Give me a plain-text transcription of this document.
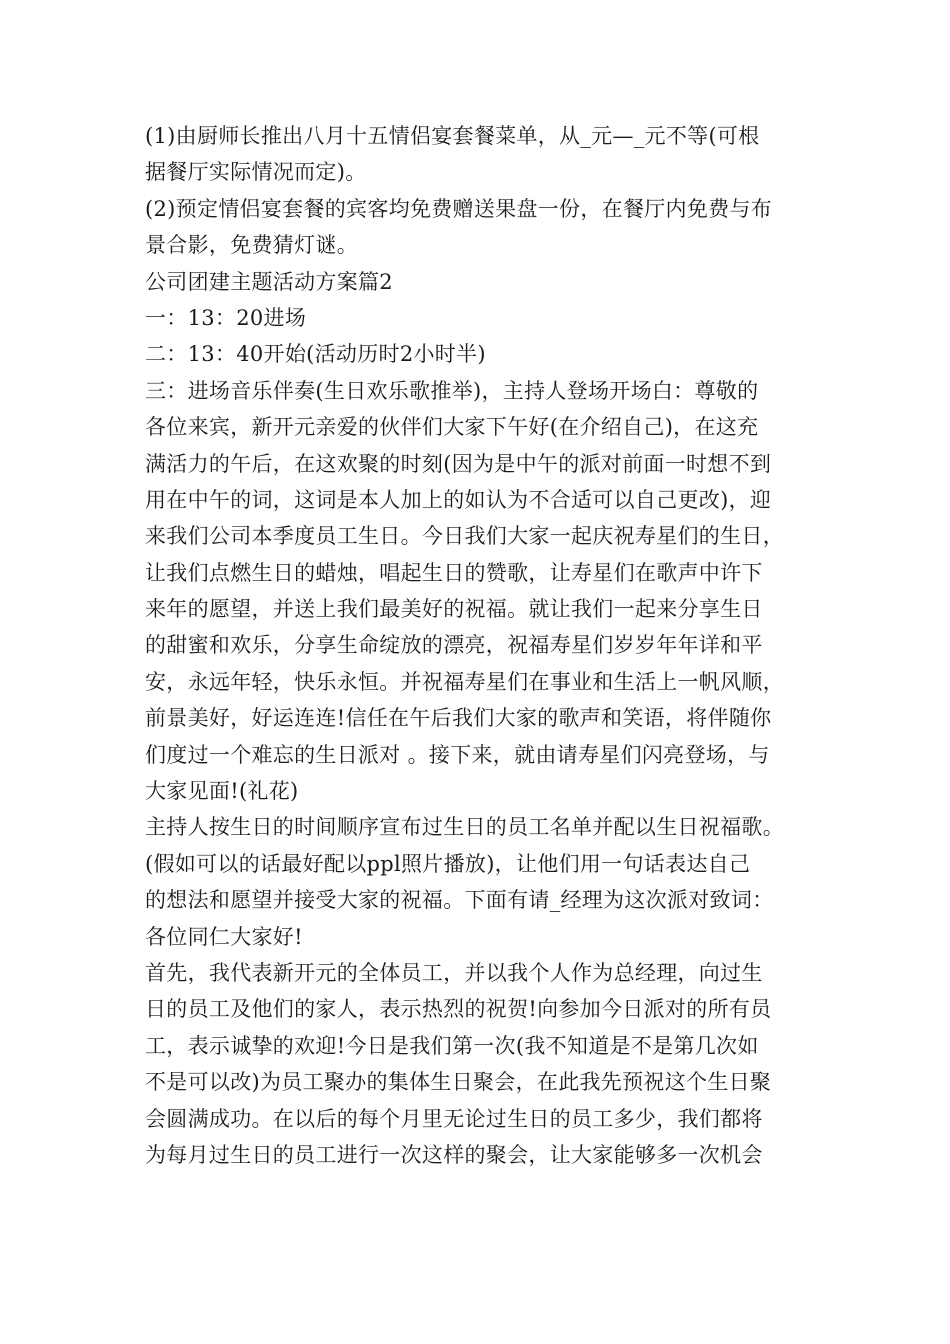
(1)由厨师长推出八月十五情侣宴套餐菜单，从_元—_元不等(可根
据餐厅实际情况而定)。
(2)预定情侣宴套餐的宾客均免费赠送果盘一份，在餐厅内免费与布
景合影，免费猜灯谜。
公司团建主题活动方案篇2
一：13：20进场
二：13：40开始(活动历时2小时半)
三：进场音乐伴奏(生日欢乐歌推举)，主持人登场开场白：尊敬的
各位来宾，新开元亲爱的伙伴们大家下午好(在介绍自己)，在这充
满活力的午后，在这欢聚的时刻(因为是中午的派对前面一时想不到
用在中午的词，这词是本人加上的如认为不合适可以自己更改)，迎
来我们公司本季度员工生日。今日我们大家一起庆祝寿星们的生日，
让我们点燃生日的蜡烛，唱起生日的赞歌，让寿星们在歌声中许下
来年的愿望，并送上我们最美好的祝福。就让我们一起来分享生日
的甜蜜和欢乐，分享生命绽放的漂亮，祝福寿星们岁岁年年详和平
安，永远年轻，快乐永恒。并祝福寿星们在事业和生活上一帆风顺，
前景美好，好运连连!信任在午后我们大家的歌声和笑语，将伴随你
们度过一个难忘的生日派对 。接下来，就由请寿星们闪亮登场，与
大家见面!(礼花)
主持人按生日的时间顺序宣布过生日的员工名单并配以生日祝福歌。
(假如可以的话最好配以ppl照片播放)，让他们用一句话表达自己
的想法和愿望并接受大家的祝福。下面有请_经理为这次派对致词：
各位同仁大家好!
首先，我代表新开元的全体员工，并以我个人作为总经理，向过生
日的员工及他们的家人，表示热烈的祝贺!向参加今日派对的所有员
工，表示诚挚的欢迎!今日是我们第一次(我不知道是不是第几次如
不是可以改)为员工聚办的集体生日聚会，在此我先预祝这个生日聚
会圆满成功。在以后的每个月里无论过生日的员工多少，我们都将
为每月过生日的员工进行一次这样的聚会，让大家能够多一次机会
